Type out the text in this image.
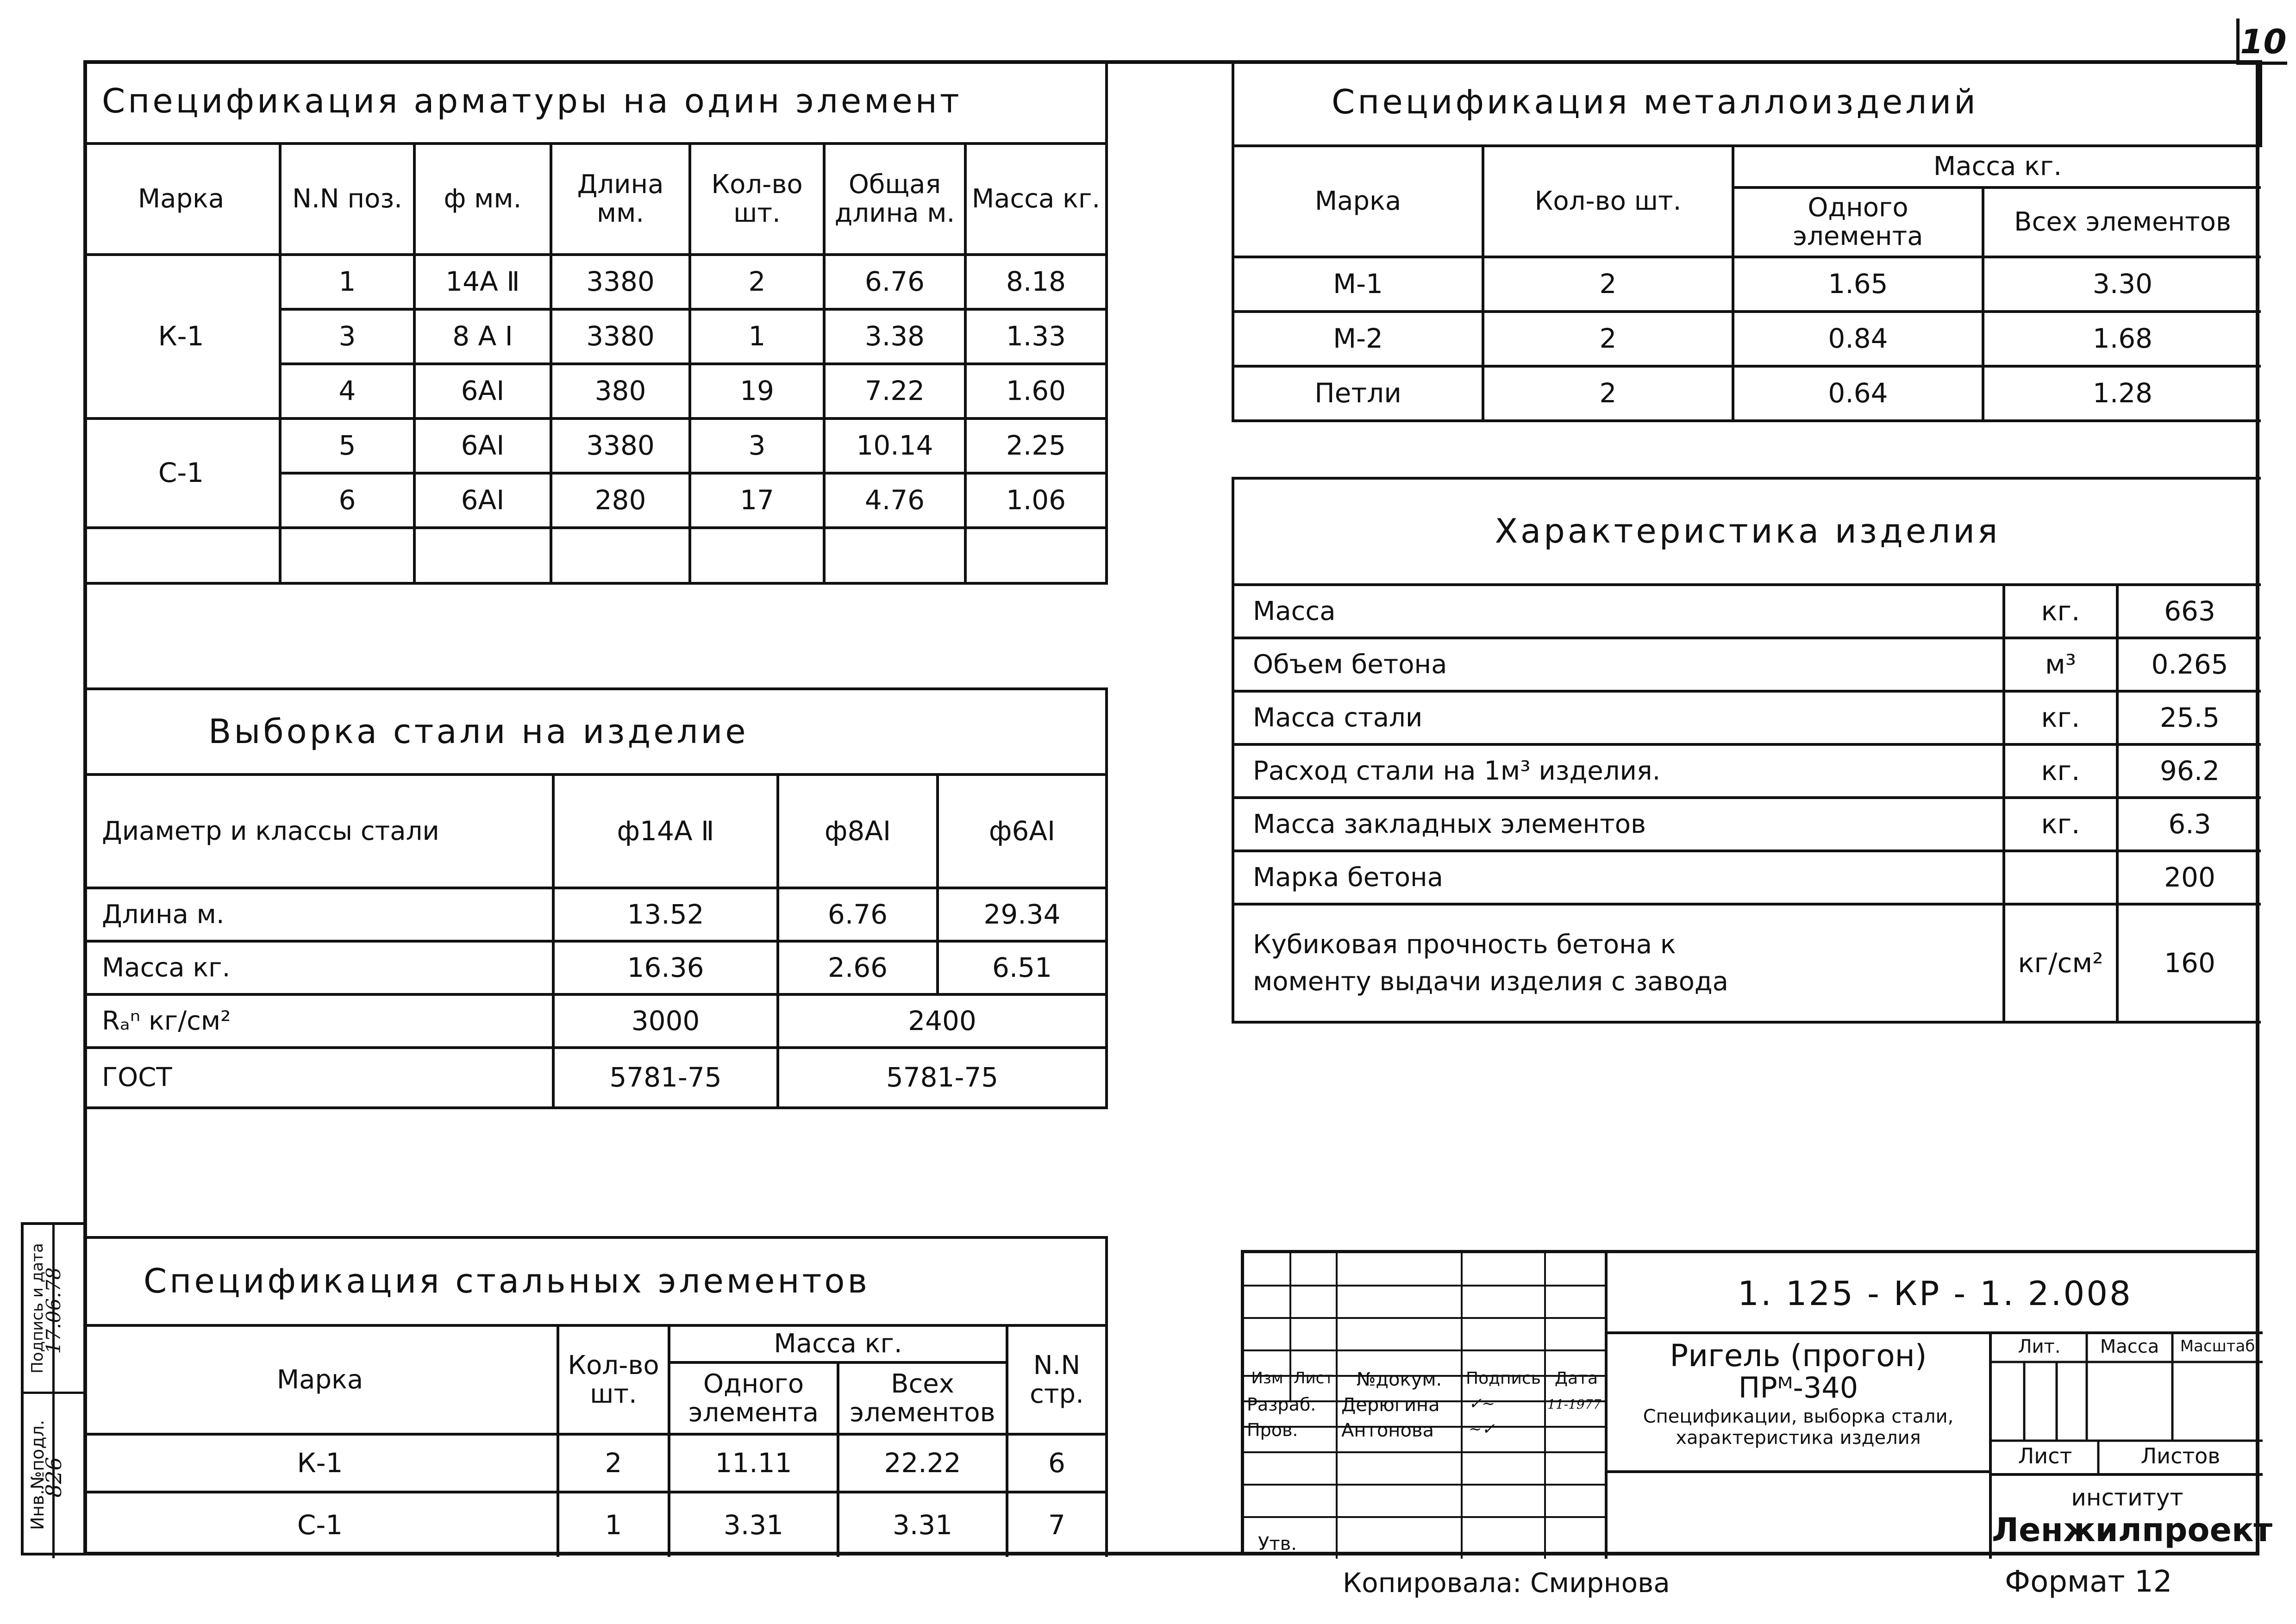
10
Спецификация арматуры на один элемент						
Марка	N.N поз.	ф мм.	Длина мм.	Кол-во шт.	Общая длина м.	Масса кг.
К-1	1	14А Ⅱ	3380	2	6.76	8.18
	3	8 А Ⅰ	3380	1	3.38	1.33
	4	6АⅠ	380	19	7.22	1.60
С-1	5	6АⅠ	3380	3	10.14	2.25
	6	6АⅠ	280	17	4.76	1.06

Спецификация металлоизделий			
Марка	Кол-во шт.	Масса кг.	
		Одного элемента	Всех элементов
М-1	2	1.65	3.30
М-2	2	0.84	1.68
Петли	2	0.64	1.28
Выборка стали на изделие			
Диаметр и классы стали	ф14А Ⅱ	ф8АⅠ	ф6АⅠ
Длина м.	13.52	6.76	29.34
Масса кг.	16.36	2.66	6.51
Rₐⁿ кг/см²	3000	2400	
ГОСТ	5781-75	5781-75	
Характеристика изделия		
Масса	кг.	663
Объем бетона	м³	0.265
Масса стали	кг.	25.5
Расход стали на 1м³ изделия.	кг.	96.2
Масса закладных элементов	кг.	6.3
Марка бетона		200

Кубиковая прочность бетона к
моменту выдачи изделия с завода	кг/см²	160
Спецификация стальных элементов				
Марка	Кол-во шт.	Масса кг.		N.N стр.
		Одного элемента	Всех элементов	
К-1	2	11.11	22.22	6
С-1	1	3.31	3.31	7
Изм Лист	№докум.	Подпись Дата
Разраб. Дерюгина ✓~	11-1977
Пров. Антонова ~✓
Утв.
1. 125 - КР - 1. 2.008
Ригель (прогон)
ПРᴹ-340
Спецификации, выборка стали,
характеристика изделия
Лит.	Масса	Масштаб
Лист	Листов
институт
Ленжилпроект
Инв.№подл.
Подпись и дата
826
17.06.78
Копировала: Смирнова	Формат 12
